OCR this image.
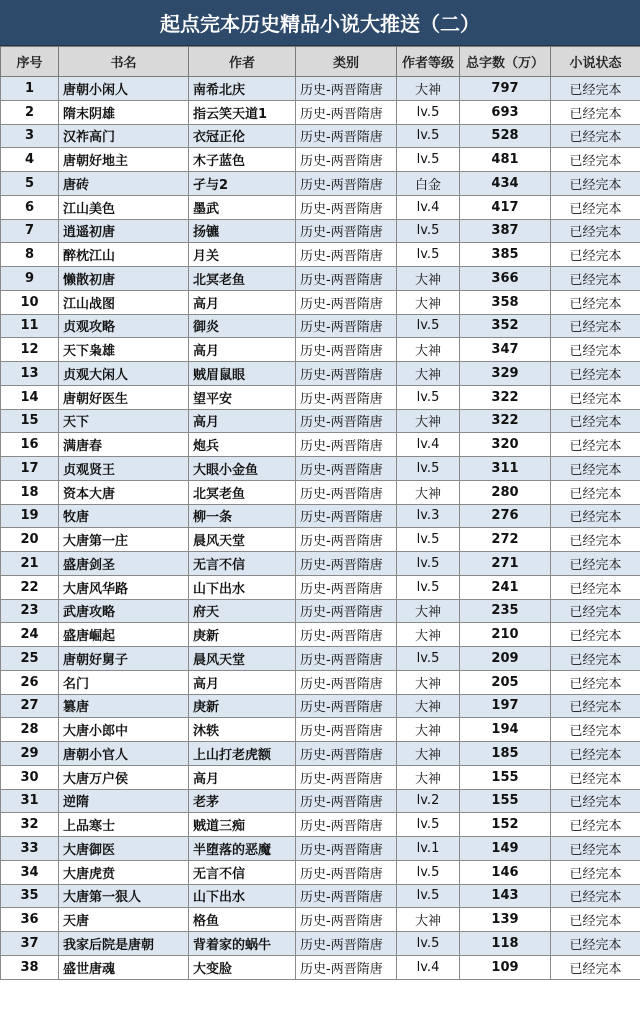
起点完本历史精品小说大推送（二）
序号	书名	作者	类别	作者等级	总字数（万）	小说状态
1	唐朝小闲人	南希北庆	历史-两晋隋唐	大神	797	已经完本
2	隋末阴雄	指云笑天道1	历史-两晋隋唐	lv.5	693	已经完本
3	汉祚高门	衣冠正伦	历史-两晋隋唐	lv.5	528	已经完本
4	唐朝好地主	木子蓝色	历史-两晋隋唐	lv.5	481	已经完本
5	唐砖	孑与2	历史-两晋隋唐	白金	434	已经完本
6	江山美色	墨武	历史-两晋隋唐	lv.4	417	已经完本
7	逍遥初唐	扬镳	历史-两晋隋唐	lv.5	387	已经完本
8	醉枕江山	月关	历史-两晋隋唐	lv.5	385	已经完本
9	懒散初唐	北冥老鱼	历史-两晋隋唐	大神	366	已经完本
10	江山战图	高月	历史-两晋隋唐	大神	358	已经完本
11	贞观攻略	御炎	历史-两晋隋唐	lv.5	352	已经完本
12	天下枭雄	高月	历史-两晋隋唐	大神	347	已经完本
13	贞观大闲人	贼眉鼠眼	历史-两晋隋唐	大神	329	已经完本
14	唐朝好医生	望平安	历史-两晋隋唐	lv.5	322	已经完本
15	天下	高月	历史-两晋隋唐	大神	322	已经完本
16	满唐春	炮兵	历史-两晋隋唐	lv.4	320	已经完本
17	贞观贤王	大眼小金鱼	历史-两晋隋唐	lv.5	311	已经完本
18	资本大唐	北冥老鱼	历史-两晋隋唐	大神	280	已经完本
19	牧唐	柳一条	历史-两晋隋唐	lv.3	276	已经完本
20	大唐第一庄	晨风天堂	历史-两晋隋唐	lv.5	272	已经完本
21	盛唐剑圣	无言不信	历史-两晋隋唐	lv.5	271	已经完本
22	大唐风华路	山下出水	历史-两晋隋唐	lv.5	241	已经完本
23	武唐攻略	府天	历史-两晋隋唐	大神	235	已经完本
24	盛唐崛起	庚新	历史-两晋隋唐	大神	210	已经完本
25	唐朝好舅子	晨风天堂	历史-两晋隋唐	lv.5	209	已经完本
26	名门	高月	历史-两晋隋唐	大神	205	已经完本
27	篡唐	庚新	历史-两晋隋唐	大神	197	已经完本
28	大唐小郎中	沐轶	历史-两晋隋唐	大神	194	已经完本
29	唐朝小官人	上山打老虎额	历史-两晋隋唐	大神	185	已经完本
30	大唐万户侯	高月	历史-两晋隋唐	大神	155	已经完本
31	逆隋	老茅	历史-两晋隋唐	lv.2	155	已经完本
32	上品寒士	贼道三痴	历史-两晋隋唐	lv.5	152	已经完本
33	大唐御医	半堕落的恶魔	历史-两晋隋唐	lv.1	149	已经完本
34	大唐虎贲	无言不信	历史-两晋隋唐	lv.5	146	已经完本
35	大唐第一狠人	山下出水	历史-两晋隋唐	lv.5	143	已经完本
36	天唐	格鱼	历史-两晋隋唐	大神	139	已经完本
37	我家后院是唐朝	背着家的蜗牛	历史-两晋隋唐	lv.5	118	已经完本
38	盛世唐魂	大变脸	历史-两晋隋唐	lv.4	109	已经完本
